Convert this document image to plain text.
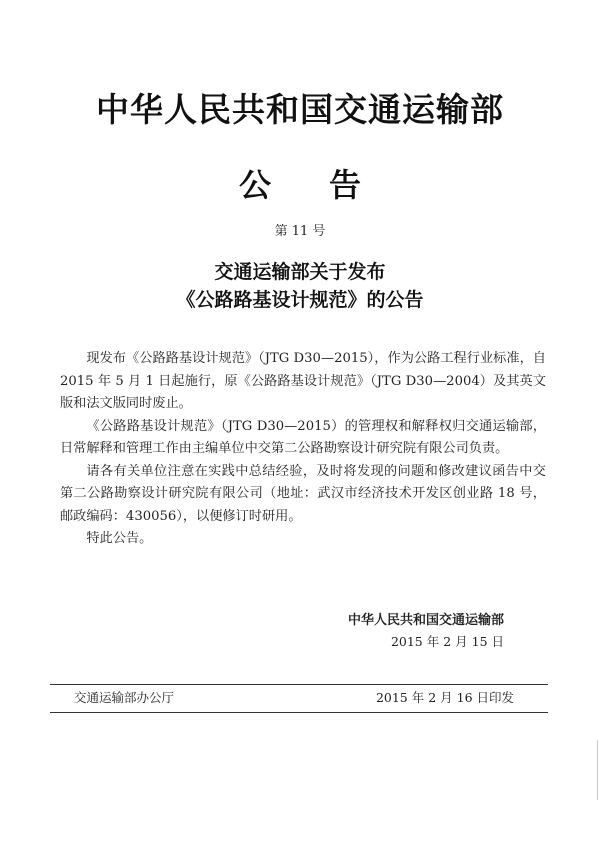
中华人民共和国交通运输部
公 告
第 11 号
交通运输部关于发布
《公路路基设计规范》的公告

现发布《公路路基设计规范》（JTG D30—2015），作为公路工程行业标准，自 2015 年 5 月 1 日起施行，原《公路路基设计规范》（JTG D30—2004）及其英文版和法文版同时废止。

《公路路基设计规范》（JTG D30—2015）的管理权和解释权归交通运输部，日常解释和管理工作由主编单位中交第二公路勘察设计研究院有限公司负责。

请各有关单位注意在实践中总结经验，及时将发现的问题和修改建议函告中交第二公路勘察设计研究院有限公司（地址：武汉市经济技术开发区创业路 18 号，邮政编码：430056），以便修订时研用。

特此公告。

中华人民共和国交通运输部
2015 年 2 月 15 日
交通运输部办公厅	2015 年 2 月 16 日印发
